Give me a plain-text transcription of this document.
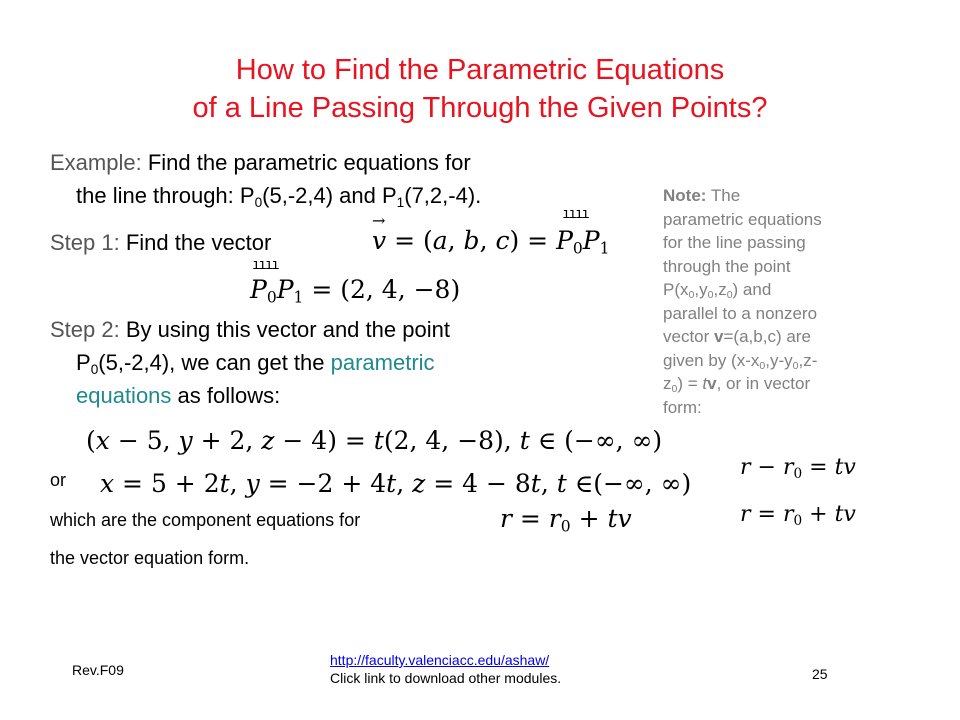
How to Find the Parametric Equations
of a Line Passing Through the Given Points?
Example: Find the parametric equations for
the line through: $P_0(5,-2,4)$ and $P_1(7,2,-4)$.
Step 1: Find the vector
→
v = (a, b, c) =
ıııı
$P_0P_1$
ıııı
$P_0P_1 = (2$, 4, −8)
Step 2: By using this vector and the point
$P_0(5,-2,4)$, we can get the parametric
equations as follows:
(x − 5, y + 2, z − 4) = t(2, 4, −8), t ∈ (−∞, ∞)
or x = 5 + 2t, y = −2 + 4t, z = 4 − 8t, t ∈(−∞, ∞)
which are the component equations for	$r = r_0$ + tv
the vector equation form.
Note: The
parametric equations
for the line passing
through the point
$P(x_0,y_0,z_0)$ and
parallel to a nonzero
vector v=(a,b,c) are
given by ($x-x_0,y-y_0,z-$
$z_0$) = tv, or in vector
form:
$r - r_0$ = tv
$r = r_0$ + tv
Rev.F09
http://faculty.valenciacc.edu/ashaw/
Click link to download other modules.	25
